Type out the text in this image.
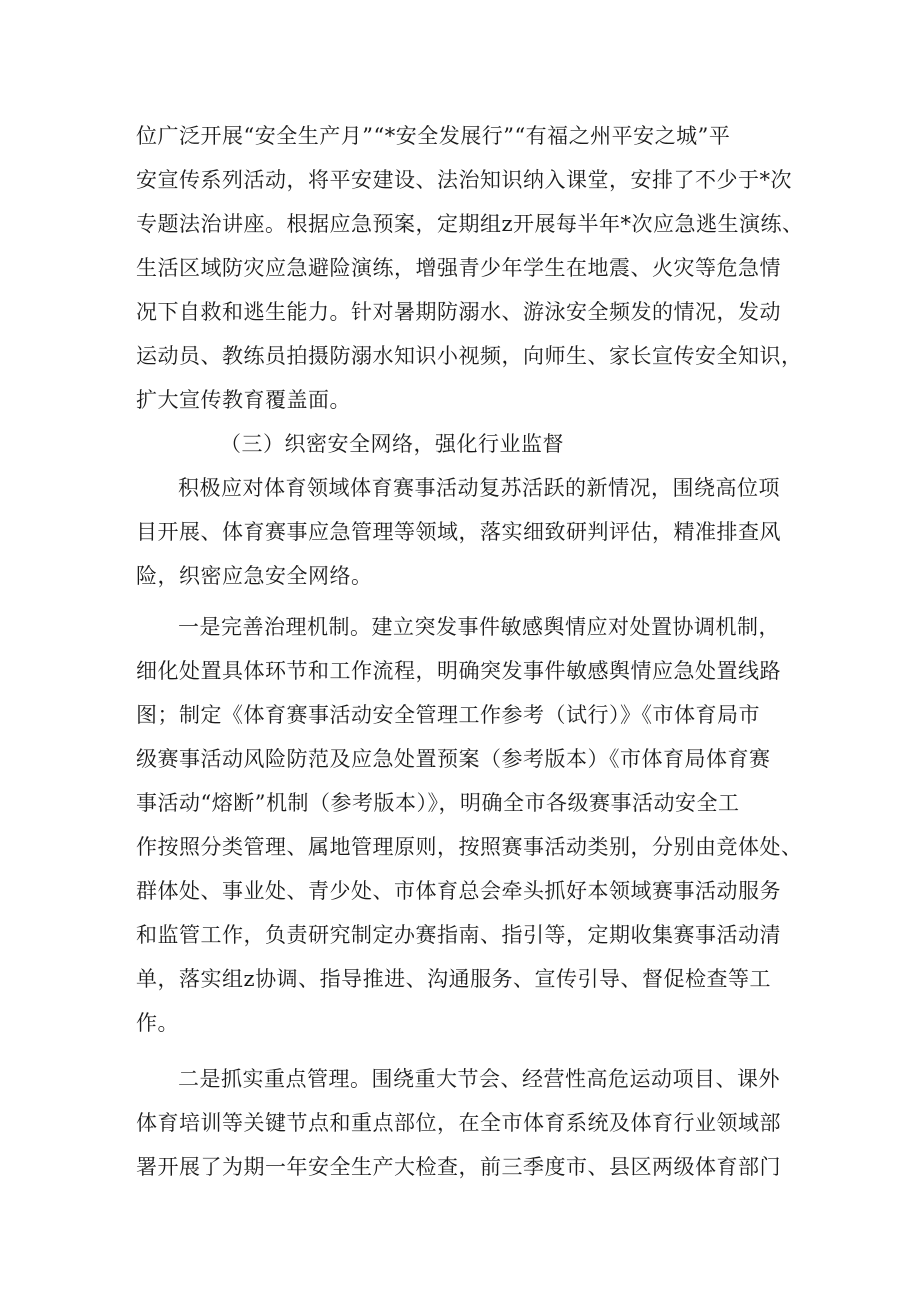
位广泛开展“安全生产月”“*安全发展行”“有福之州平安之城”平
安宣传系列活动，将平安建设、法治知识纳入课堂，安排了不少于*次
专题法治讲座。根据应急预案，定期组z开展每半年*次应急逃生演练、
生活区域防灾应急避险演练，增强青少年学生在地震、火灾等危急情
况下自救和逃生能力。针对暑期防溺水、游泳安全频发的情况，发动
运动员、教练员拍摄防溺水知识小视频，向师生、家长宣传安全知识，
扩大宣传教育覆盖面。
（三）织密安全网络，强化行业监督
积极应对体育领域体育赛事活动复苏活跃的新情况，围绕高位项
目开展、体育赛事应急管理等领域，落实细致研判评估，精准排查风
险，织密应急安全网络。
一是完善治理机制。建立突发事件敏感舆情应对处置协调机制，
细化处置具体环节和工作流程，明确突发事件敏感舆情应急处置线路
图；制定《体育赛事活动安全管理工作参考（试行）》《市体育局市
级赛事活动风险防范及应急处置预案（参考版本）《市体育局体育赛
事活动“熔断”机制（参考版本）》，明确全市各级赛事活动安全工
作按照分类管理、属地管理原则，按照赛事活动类别，分别由竞体处、
群体处、事业处、青少处、市体育总会牵头抓好本领域赛事活动服务
和监管工作，负责研究制定办赛指南、指引等，定期收集赛事活动清
单，落实组z协调、指导推进、沟通服务、宣传引导、督促检查等工
作。
二是抓实重点管理。围绕重大节会、经营性高危运动项目、课外
体育培训等关键节点和重点部位，在全市体育系统及体育行业领域部
署开展了为期一年安全生产大检查，前三季度市、县区两级体育部门
